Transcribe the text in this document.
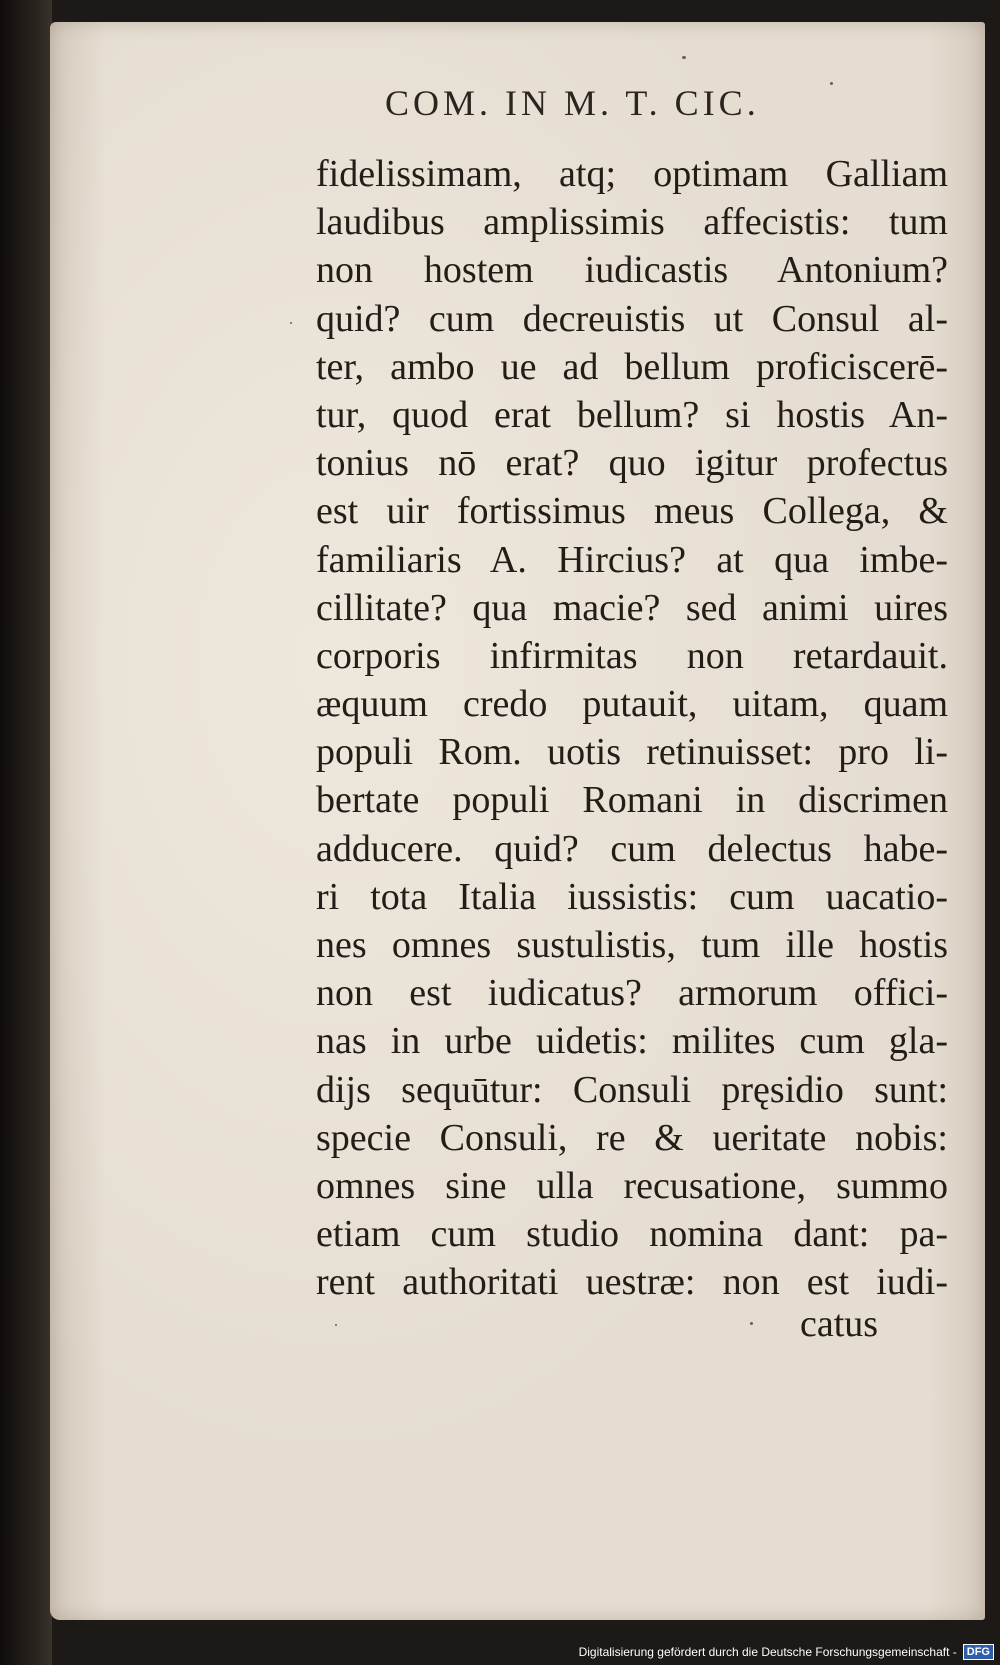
COM. IN M. T. CIC.
fidelissimam, atq; optimam Galliam
laudibus amplissimis affecistis: tum
non hostem iudicastis Antonium?
quid? cum decreuistis ut Consul al-
ter, ambo ue ad bellum proficiscerē-
tur, quod erat bellum? si hostis An-
tonius nō erat? quo igitur profectus
est uir fortissimus meus Collega, &
familiaris A. Hircius? at qua imbe-
cillitate? qua macie? sed animi uires
corporis infirmitas non retardauit.
æquum credo putauit, uitam, quam
populi Rom. uotis retinuisset: pro li-
bertate populi Romani in discrimen
adducere. quid? cum delectus habe-
ri tota Italia iussistis: cum uacatio-
nes omnes sustulistis, tum ille hostis
non est iudicatus? armorum offici-
nas in urbe uidetis: milites cum gla-
dijs sequūtur: Consuli pręsidio sunt:
specie Consuli, re & ueritate nobis:
omnes sine ulla recusatione, summo
etiam cum studio nomina dant: pa-
rent authoritati uestræ: non est iudi-
catus
Digitalisierung gefördert durch die Deutsche Forschungsgemeinschaft - DFG
